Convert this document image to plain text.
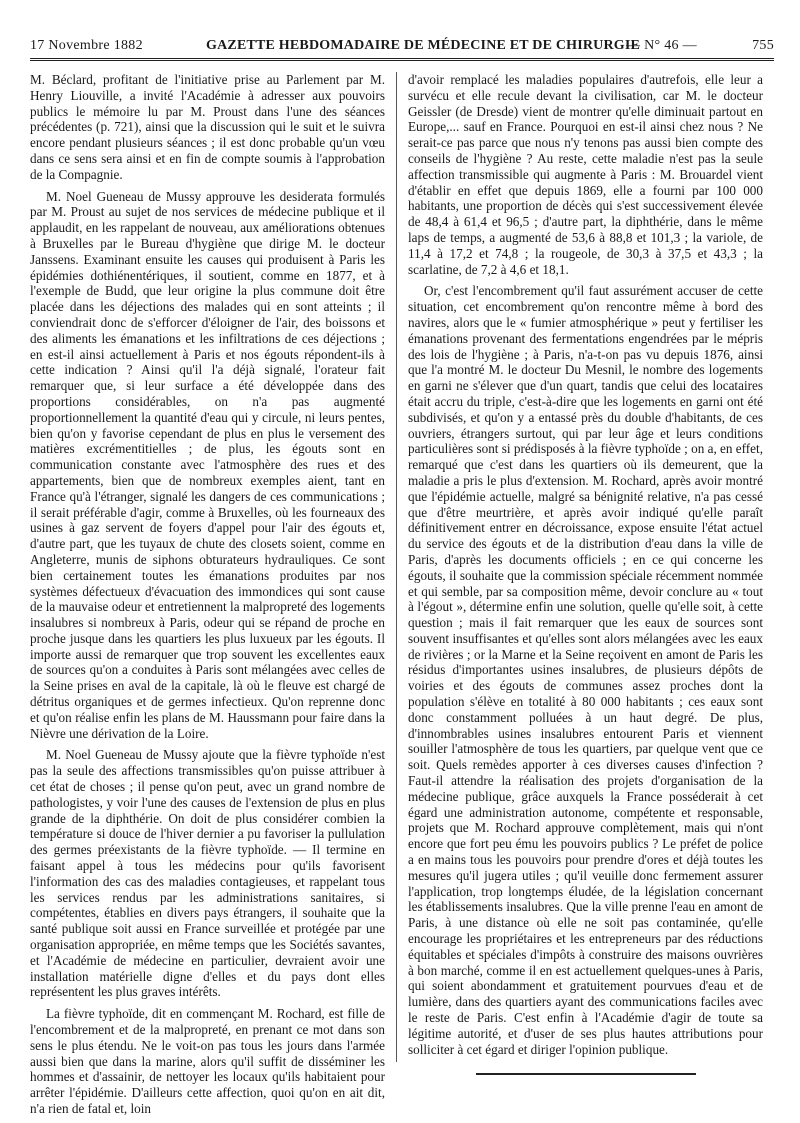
17 Novembre 1882	GAZETTE HEBDOMADAIRE DE MÉDECINE ET DE CHIRURGIE
— N° 46 —	755

M. Béclard, profitant de l'initiative prise au Parlement par M. Henry Liouville, a invité l'Académie à adresser aux pouvoirs publics le mémoire lu par M. Proust dans l'une des séances précédentes (p. 721), ainsi que la discussion qui le suit et le suivra encore pendant plusieurs séances ; il est donc probable qu'un vœu dans ce sens sera ainsi et en fin de compte soumis à l'approbation de la Compagnie.

M. Noel Gueneau de Mussy approuve les desiderata formulés par M. Proust au sujet de nos services de médecine publique et il applaudit, en les rappelant de nouveau, aux améliorations obtenues à Bruxelles par le Bureau d'hygiène que dirige M. le docteur Janssens. Examinant ensuite les causes qui produisent à Paris les épidémies dothiénentériques, il soutient, comme en 1877, et à l'exemple de Budd, que leur origine la plus commune doit être placée dans les déjections des malades qui en sont atteints ; il conviendrait donc de s'efforcer d'éloigner de l'air, des boissons et des aliments les émanations et les infiltrations de ces déjections ; en est-il ainsi actuellement à Paris et nos égouts répondent-ils à cette indication ? Ainsi qu'il l'a déjà signalé, l'orateur fait remarquer que, si leur surface a été développée dans des proportions considérables, on n'a pas augmenté proportionnellement la quantité d'eau qui y circule, ni leurs pentes, bien qu'on y favorise cependant de plus en plus le versement des matières excrémentitielles ; de plus, les égouts sont en communication constante avec l'atmosphère des rues et des appartements, bien que de nombreux exemples aient, tant en France qu'à l'étranger, signalé les dangers de ces communications ; il serait préférable d'agir, comme à Bruxelles, où les fourneaux des usines à gaz servent de foyers d'appel pour l'air des égouts et, d'autre part, que les tuyaux de chute des closets soient, comme en Angleterre, munis de siphons obturateurs hydrauliques. Ce sont bien certainement toutes les émanations produites par nos systèmes défectueux d'évacuation des immondices qui sont cause de la mauvaise odeur et entretiennent la malpropreté des logements insalubres si nombreux à Paris, odeur qui se répand de proche en proche jusque dans les quartiers les plus luxueux par les égouts. Il importe aussi de remarquer que trop souvent les excellentes eaux de sources qu'on a conduites à Paris sont mélangées avec celles de la Seine prises en aval de la capitale, là où le fleuve est chargé de détritus organiques et de germes infectieux. Qu'on reprenne donc et qu'on réalise enfin les plans de M. Haussmann pour faire dans la Nièvre une dérivation de la Loire.

M. Noel Gueneau de Mussy ajoute que la fièvre typhoïde n'est pas la seule des affections transmissibles qu'on puisse attribuer à cet état de choses ; il pense qu'on peut, avec un grand nombre de pathologistes, y voir l'une des causes de l'extension de plus en plus grande de la diphthérie. On doit de plus considérer combien la température si douce de l'hiver dernier a pu favoriser la pullulation des germes préexistants de la fièvre typhoïde. — Il termine en faisant appel à tous les médecins pour qu'ils favorisent l'information des cas des maladies contagieuses, et rappelant tous les services rendus par les administrations sanitaires, si compétentes, établies en divers pays étrangers, il souhaite que la santé publique soit aussi en France surveillée et protégée par une organisation appropriée, en même temps que les Sociétés savantes, et l'Académie de médecine en particulier, devraient avoir une installation matérielle digne d'elles et du pays dont elles représentent les plus graves intérêts.

La fièvre typhoïde, dit en commençant M. Rochard, est fille de l'encombrement et de la malpropreté, en prenant ce mot dans son sens le plus étendu. Ne le voit-on pas tous les jours dans l'armée aussi bien que dans la marine, alors qu'il suffit de disséminer les hommes et d'assainir, de nettoyer les locaux qu'ils habitaient pour arrêter l'épidémie. D'ailleurs cette affection, quoi qu'on en ait dit, n'a rien de fatal et, loin

d'avoir remplacé les maladies populaires d'autrefois, elle leur a survécu et elle recule devant la civilisation, car M. le docteur Geissler (de Dresde) vient de montrer qu'elle diminuait partout en Europe,... sauf en France. Pourquoi en est-il ainsi chez nous ? Ne serait-ce pas parce que nous n'y tenons pas aussi bien compte des conseils de l'hygiène ? Au reste, cette maladie n'est pas la seule affection transmissible qui augmente à Paris : M. Brouardel vient d'établir en effet que depuis 1869, elle a fourni par 100 000 habitants, une proportion de décès qui s'est successivement élevée de 48,4 à 61,4 et 96,5 ; d'autre part, la diphthérie, dans le même laps de temps, a augmenté de 53,6 à 88,8 et 101,3 ; la variole, de 11,4 à 17,2 et 74,8 ; la rougeole, de 30,3 à 37,5 et 43,3 ; la scarlatine, de 7,2 à 4,6 et 18,1.

Or, c'est l'encombrement qu'il faut assurément accuser de cette situation, cet encombrement qu'on rencontre même à bord des navires, alors que le « fumier atmosphérique » peut y fertiliser les émanations provenant des fermentations engendrées par le mépris des lois de l'hygiène ; à Paris, n'a-t-on pas vu depuis 1876, ainsi que l'a montré M. le docteur Du Mesnil, le nombre des logements en garni ne s'élever que d'un quart, tandis que celui des locataires était accru du triple, c'est-à-dire que les logements en garni ont été subdivisés, et qu'on y a entassé près du double d'habitants, de ces ouvriers, étrangers surtout, qui par leur âge et leurs conditions particulières sont si prédisposés à la fièvre typhoïde ; on a, en effet, remarqué que c'est dans les quartiers où ils demeurent, que la maladie a pris le plus d'extension. M. Rochard, après avoir montré que l'épidémie actuelle, malgré sa bénignité relative, n'a pas cessé que d'être meurtrière, et après avoir indiqué qu'elle paraît définitivement entrer en décroissance, expose ensuite l'état actuel du service des égouts et de la distribution d'eau dans la ville de Paris, d'après les documents officiels ; en ce qui concerne les égouts, il souhaite que la commission spéciale récemment nommée et qui semble, par sa composition même, devoir conclure au « tout à l'égout », détermine enfin une solution, quelle qu'elle soit, à cette question ; mais il fait remarquer que les eaux de sources sont souvent insuffisantes et qu'elles sont alors mélangées avec les eaux de rivières ; or la Marne et la Seine reçoivent en amont de Paris les résidus d'importantes usines insalubres, de plusieurs dépôts de voiries et des égouts de communes assez proches dont la population s'élève en totalité à 80 000 habitants ; ces eaux sont donc constamment polluées à un haut degré. De plus, d'innombrables usines insalubres entourent Paris et viennent souiller l'atmosphère de tous les quartiers, par quelque vent que ce soit. Quels remèdes apporter à ces diverses causes d'infection ? Faut-il attendre la réalisation des projets d'organisation de la médecine publique, grâce auxquels la France posséderait à cet égard une administration autonome, compétente et responsable, projets que M. Rochard approuve complètement, mais qui n'ont encore que fort peu ému les pouvoirs publics ? Le préfet de police a en mains tous les pouvoirs pour prendre d'ores et déjà toutes les mesures qu'il jugera utiles ; qu'il veuille donc fermement assurer l'application, trop longtemps éludée, de la législation concernant les établissements insalubres. Que la ville prenne l'eau en amont de Paris, à une distance où elle ne soit pas contaminée, qu'elle encourage les propriétaires et les entrepreneurs par des réductions équitables et spéciales d'impôts à construire des maisons ouvrières à bon marché, comme il en est actuellement quelques-unes à Paris, qui soient abondamment et gratuitement pourvues d'eau et de lumière, dans des quartiers ayant des communications faciles avec le reste de Paris. C'est enfin à l'Académie d'agir de toute sa légitime autorité, et d'user de ses plus hautes attributions pour solliciter à cet égard et diriger l'opinion publique.
